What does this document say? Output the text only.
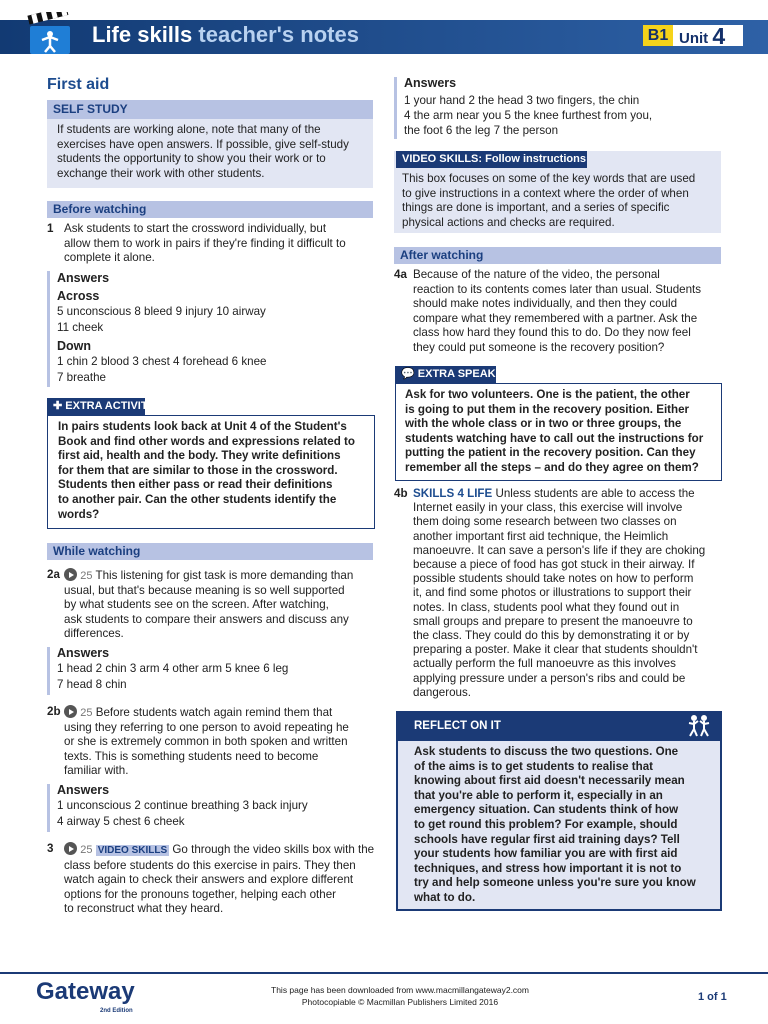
Life skills teacher's notes	B1 Unit 4
First aid
SELF STUDY
If students are working alone, note that many of the
exercises have open answers. If possible, give self-study
students the opportunity to show you their work or to
exchange their work with other students.
Before watching
1 Ask students to start the crossword individually, but
allow them to work in pairs if they're finding it difficult to
complete it alone.
Answers
Across
5 unconscious 8 bleed 9 injury 10 airway
11 cheek
Down
1 chin 2 blood 3 chest 4 forehead 6 knee
7 breathe
✚ EXTRA ACTIVITY
In pairs students look back at Unit 4 of the Student's
Book and find other words and expressions related to
first aid, health and the body. They write definitions
for them that are similar to those in the crossword.
Students then either pass or read their definitions
to another pair. Can the other students identify the
words?
While watching
2a	25 This listening for gist task is more demanding than
usual, but that's because meaning is so well supported
by what students see on the screen. After watching,
ask students to compare their answers and discuss any
differences.
Answers
1 head 2 chin 3 arm 4 other arm 5 knee 6 leg
7 head 8 chin
2b	25 Before students watch again remind them that
using they referring to one person to avoid repeating he
or she is extremely common in both spoken and written
texts. This is something students need to become
familiar with.
Answers
1 unconscious 2 continue breathing 3 back injury
4 airway 5 chest 6 cheek
3	25 VIDEO SKILLS Go through the video skills box with the
class before students do this exercise in pairs. They then
watch again to check their answers and explore different
options for the pronouns together, helping each other
to reconstruct what they heard.
Answers
1 your hand 2 the head 3 two fingers, the chin
4 the arm near you 5 the knee furthest from you,
the foot 6 the leg 7 the person
VIDEO SKILLS: Follow instructions
This box focuses on some of the key words that are used
to give instructions in a context where the order of when
things are done is important, and a series of specific
physical actions and checks are required.
After watching
4a Because of the nature of the video, the personal
reaction to its contents comes later than usual. Students
should make notes individually, and then they could
compare what they remembered with a partner. Ask the
class how hard they found this to do. Do they now feel
they could put someone is the recovery position?
💬 EXTRA SPEAKING
Ask for two volunteers. One is the patient, the other
is going to put them in the recovery position. Either
with the whole class or in two or three groups, the
students watching have to call out the instructions for
putting the patient in the recovery position. Can they
remember all the steps – and do they agree on them?
4b SKILLS 4 LIFE Unless students are able to access the
Internet easily in your class, this exercise will involve
them doing some research between two classes on
another important first aid technique, the Heimlich
manoeuvre. It can save a person's life if they are choking
because a piece of food has got stuck in their airway. If
possible students should take notes on how to perform
it, and find some photos or illustrations to support their
notes. In class, students pool what they found out in
small groups and prepare to present the manoeuvre to
the class. They could do this by demonstrating it or by
preparing a poster. Make it clear that students shouldn't
actually perform the full manoeuvre as this involves
applying pressure under a person's ribs and could be
dangerous.
REFLECT ON IT
Ask students to discuss the two questions. One
of the aims is to get students to realise that
knowing about first aid doesn't necessarily mean
that you're able to perform it, especially in an
emergency situation. Can students think of how
to get round this problem? For example, should
schools have regular first aid training days? Tell
your students how familiar you are with first aid
techniques, and stress how important it is not to
try and help someone unless you're sure you know
what to do.
Gateway
2nd Edition
This page has been downloaded from www.macmillangateway2.com
Photocopiable © Macmillan Publishers Limited 2016	1 of 1
